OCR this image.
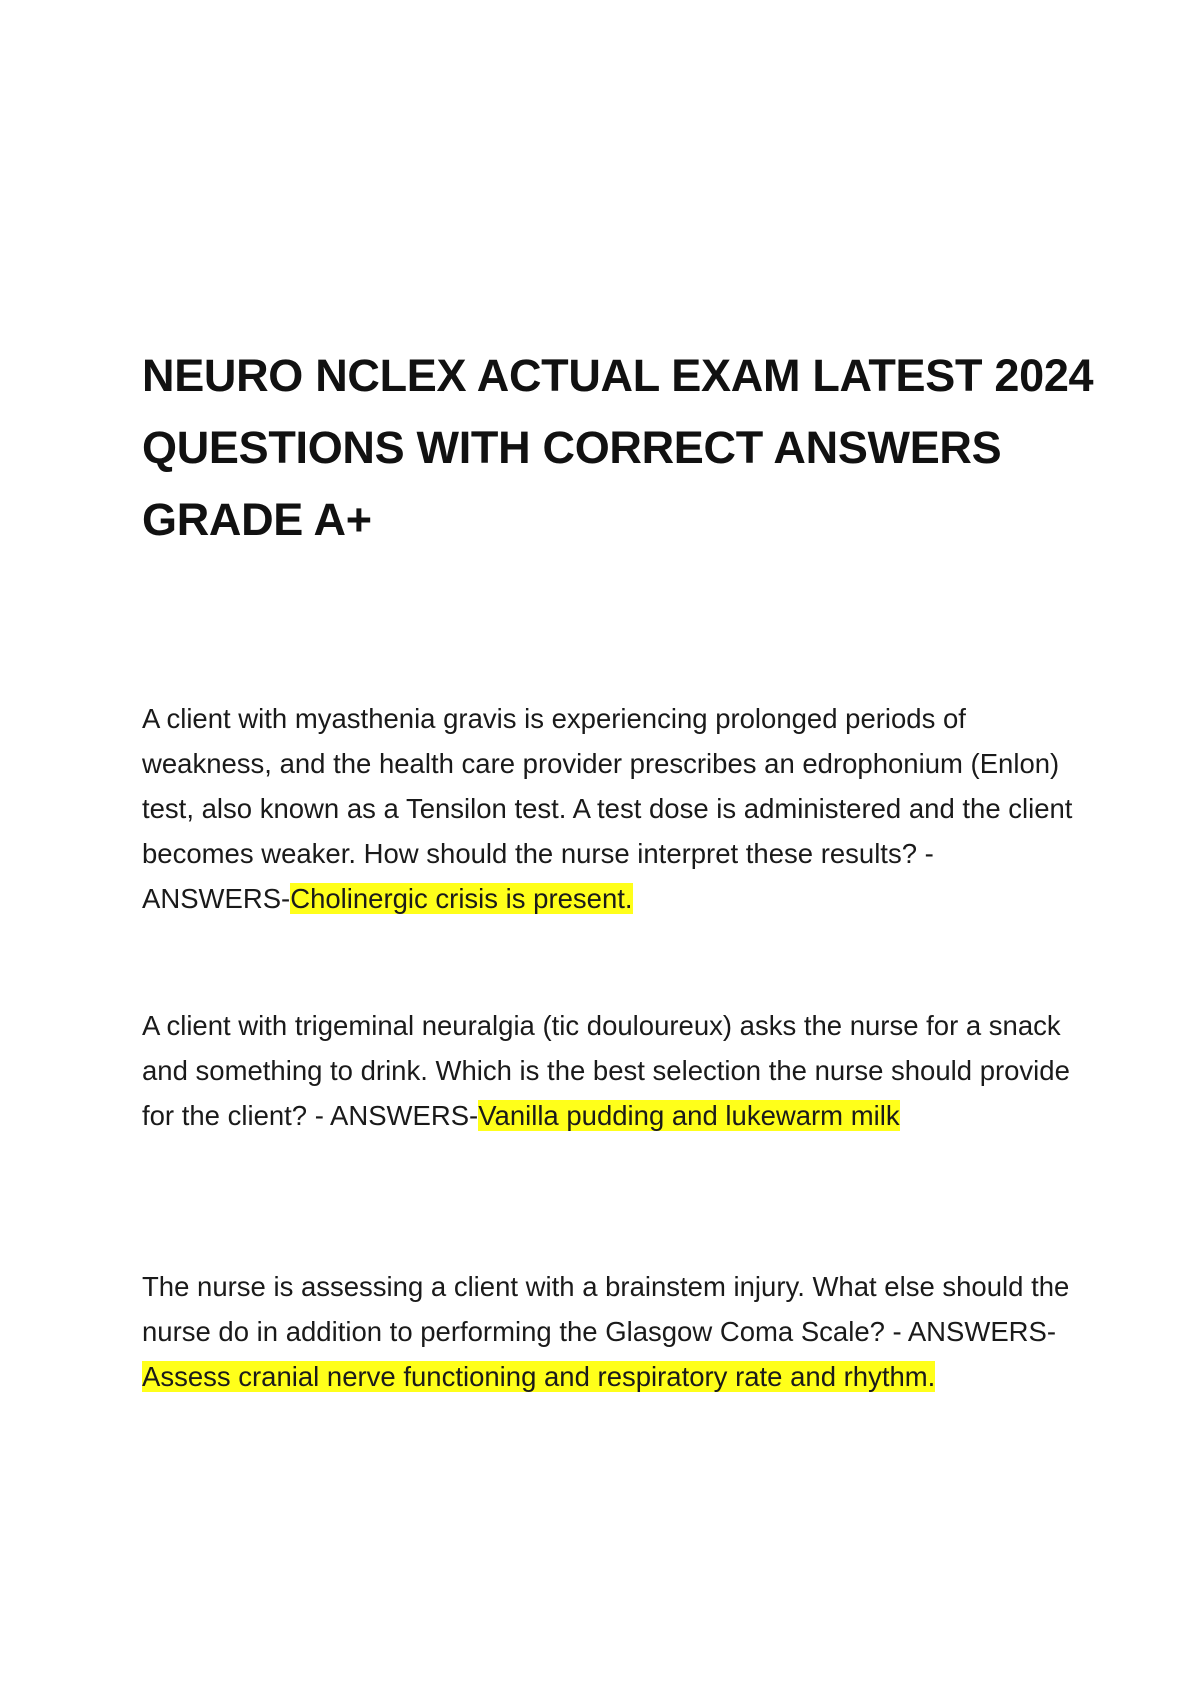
NEURO NCLEX ACTUAL EXAM LATEST 2024
QUESTIONS WITH CORRECT ANSWERS
GRADE A+

A client with myasthenia gravis is experiencing prolonged periods of weakness, and the health care provider prescribes an edrophonium (Enlon) test, also known as a Tensilon test. A test dose is administered and the client becomes weaker. How should the nurse interpret these results? - ANSWERS-Cholinergic crisis is present.

A client with trigeminal neuralgia (tic douloureux) asks the nurse for a snack and something to drink. Which is the best selection the nurse should provide for the client? - ANSWERS-Vanilla pudding and lukewarm milk

The nurse is assessing a client with a brainstem injury. What else should the nurse do in addition to performing the Glasgow Coma Scale? - ANSWERS-Assess cranial nerve functioning and respiratory rate and rhythm.
